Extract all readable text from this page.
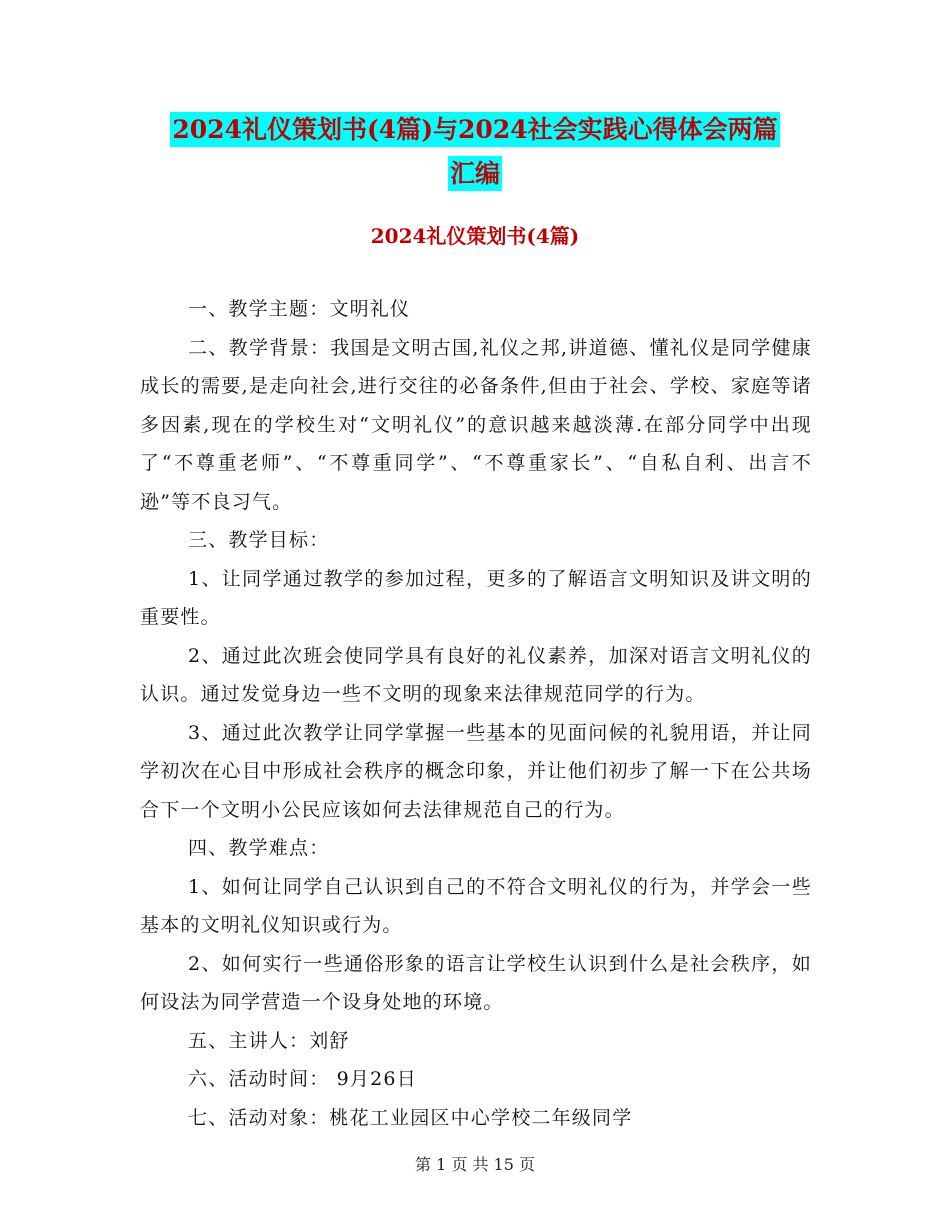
2024礼仪策划书(4篇)与2024社会实践心得体会两篇
汇编
2024礼仪策划书(4篇)

一、教学主题：文明礼仪

二、教学背景：我国是文明古国,礼仪之邦,讲道德、懂礼仪是同学健康成长的需要,是走向社会,进行交往的必备条件,但由于社会、学校、家庭等诸多因素,现在的学校生对“文明礼仪”的意识越来越淡薄.在部分同学中出现了“不尊重老师”、“不尊重同学”、“不尊重家长”、“自私自利、出言不逊”等不良习气。

三、教学目标：

1、让同学通过教学的参加过程，更多的了解语言文明知识及讲文明的重要性。

2、通过此次班会使同学具有良好的礼仪素养，加深对语言文明礼仪的认识。通过发觉身边一些不文明的现象来法律规范同学的行为。

3、通过此次教学让同学掌握一些基本的见面问候的礼貌用语，并让同学初次在心目中形成社会秩序的概念印象，并让他们初步了解一下在公共场合下一个文明小公民应该如何去法律规范自己的行为。

四、教学难点：

1、如何让同学自己认识到自己的不符合文明礼仪的行为，并学会一些基本的文明礼仪知识或行为。

2、如何实行一些通俗形象的语言让学校生认识到什么是社会秩序，如何设法为同学营造一个设身处地的环境。

五、主讲人：刘舒

六、活动时间： 9月26日

七、活动对象：桃花工业园区中心学校二年级同学

第 1 页 共 15 页
